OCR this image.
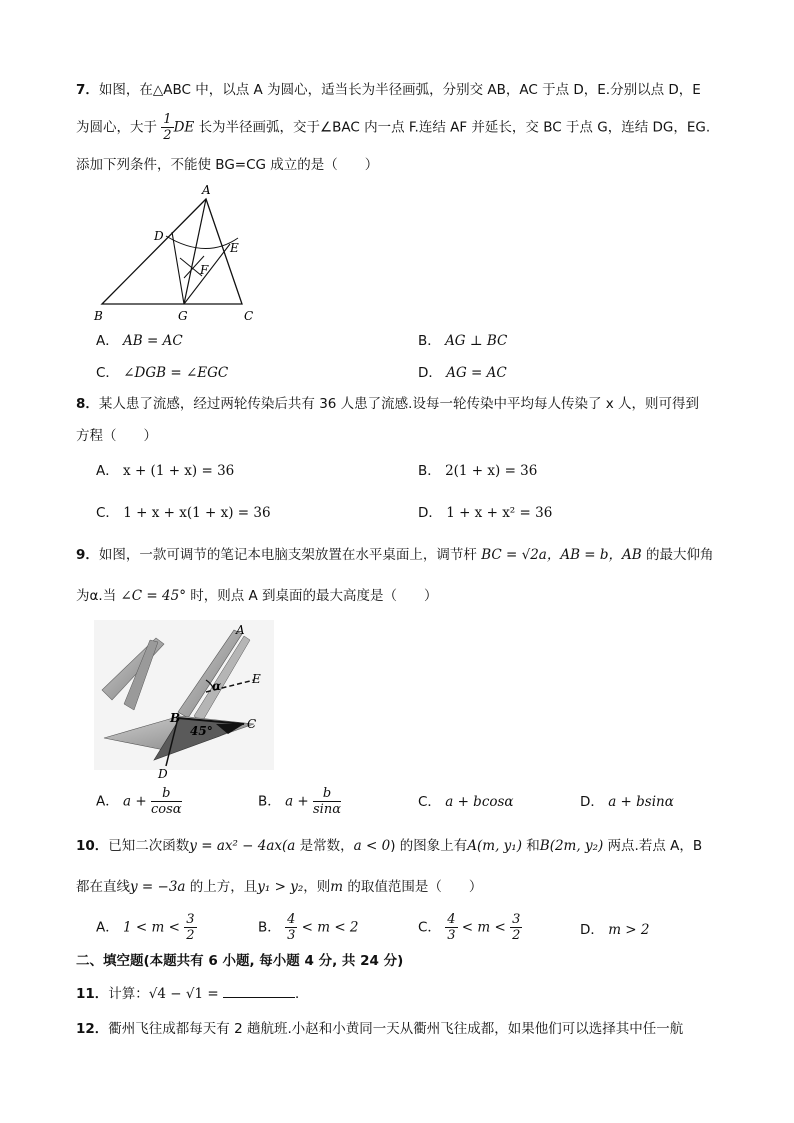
7．如图，在△ABC 中，以点 A 为圆心，适当长为半径画弧，分别交 AB，AC 于点 D，E.分别以点 D，E
为圆心，大于 $\frac{1}{2}$ DE 长为半径画弧，交于∠BAC 内一点 F.连结 AF 并延长，交 BC 于点 G，连结 DG，EG.
添加下列条件，不能使 BG=CG 成立的是（　　）
A
D
E
F
B	G	C
A． AB = AC	B． AG ⊥ BC
C． ∠DGB = ∠EGC	D． AG = AC
8．某人患了流感，经过两轮传染后共有 36 人患了流感.设每一轮传染中平均每人传染了 x 人，则可得到
方程（　　）
A． x + (1 + x) = 36	B． 2(1 + x) = 36
C． 1 + x + x(1 + x) = 36	D． 1 + x + x² = 36
9．如图，一款可调节的笔记本电脑支架放置在水平桌面上，调节杆 BC = √2a，AB = b，AB 的最大仰角
为α.当 ∠C = 45° 时，则点 A 到桌面的最大高度是（　　）
A
E
α
B	C
45°
D
A． $a + \frac{b}{\cos\alpha}$	B． $a + \frac{b}{\sin\alpha}$	C． a + bcosα	D． a + bsinα
10．已知二次函数y = ax² − 4ax(a 是常数，a < 0) 的图象上有A(m, y₁) 和B(2m, y₂) 两点.若点 A，B
都在直线y = −3a 的上方，且y₁ > y₂，则m 的取值范围是（　　）
A． $1 < m < \frac{3}{2}$	B． $\frac{4}{3} < m < 2$	C． $\frac{4}{3} < m < \frac{3}{2}$	D． m > 2
二、填空题(本题共有 6 小题, 每小题 4 分, 共 24 分)
11．计算：√4 − √1 =	．
12．衢州飞往成都每天有 2 趟航班.小赵和小黄同一天从衢州飞往成都，如果他们可以选择其中任一航
